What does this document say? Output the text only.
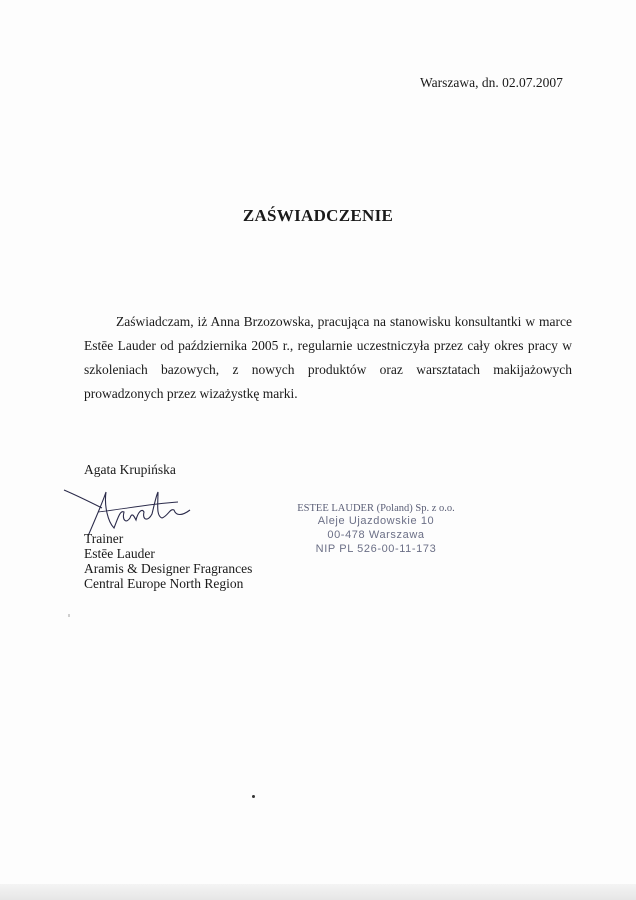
Warszawa, dn. 02.07.2007
ZAŚWIADCZENIE
Zaświadczam, iż Anna Brzozowska, pracująca na stanowisku konsultantki w marce Estēe Lauder od października 2005 r., regularnie uczestniczyła przez cały okres pracy w szkoleniach bazowych, z nowych produktów oraz warsztatach makijażowych prowadzonych przez wizażystkę marki.
Agata Krupińska
Trainer
Estēe Lauder
Aramis & Designer Fragrances
Central Europe North Region
ESTEE LAUDER (Poland) Sp. z o.o.
Aleje Ujazdowskie 10
00-478 Warszawa
NIP PL 526-00-11-173
